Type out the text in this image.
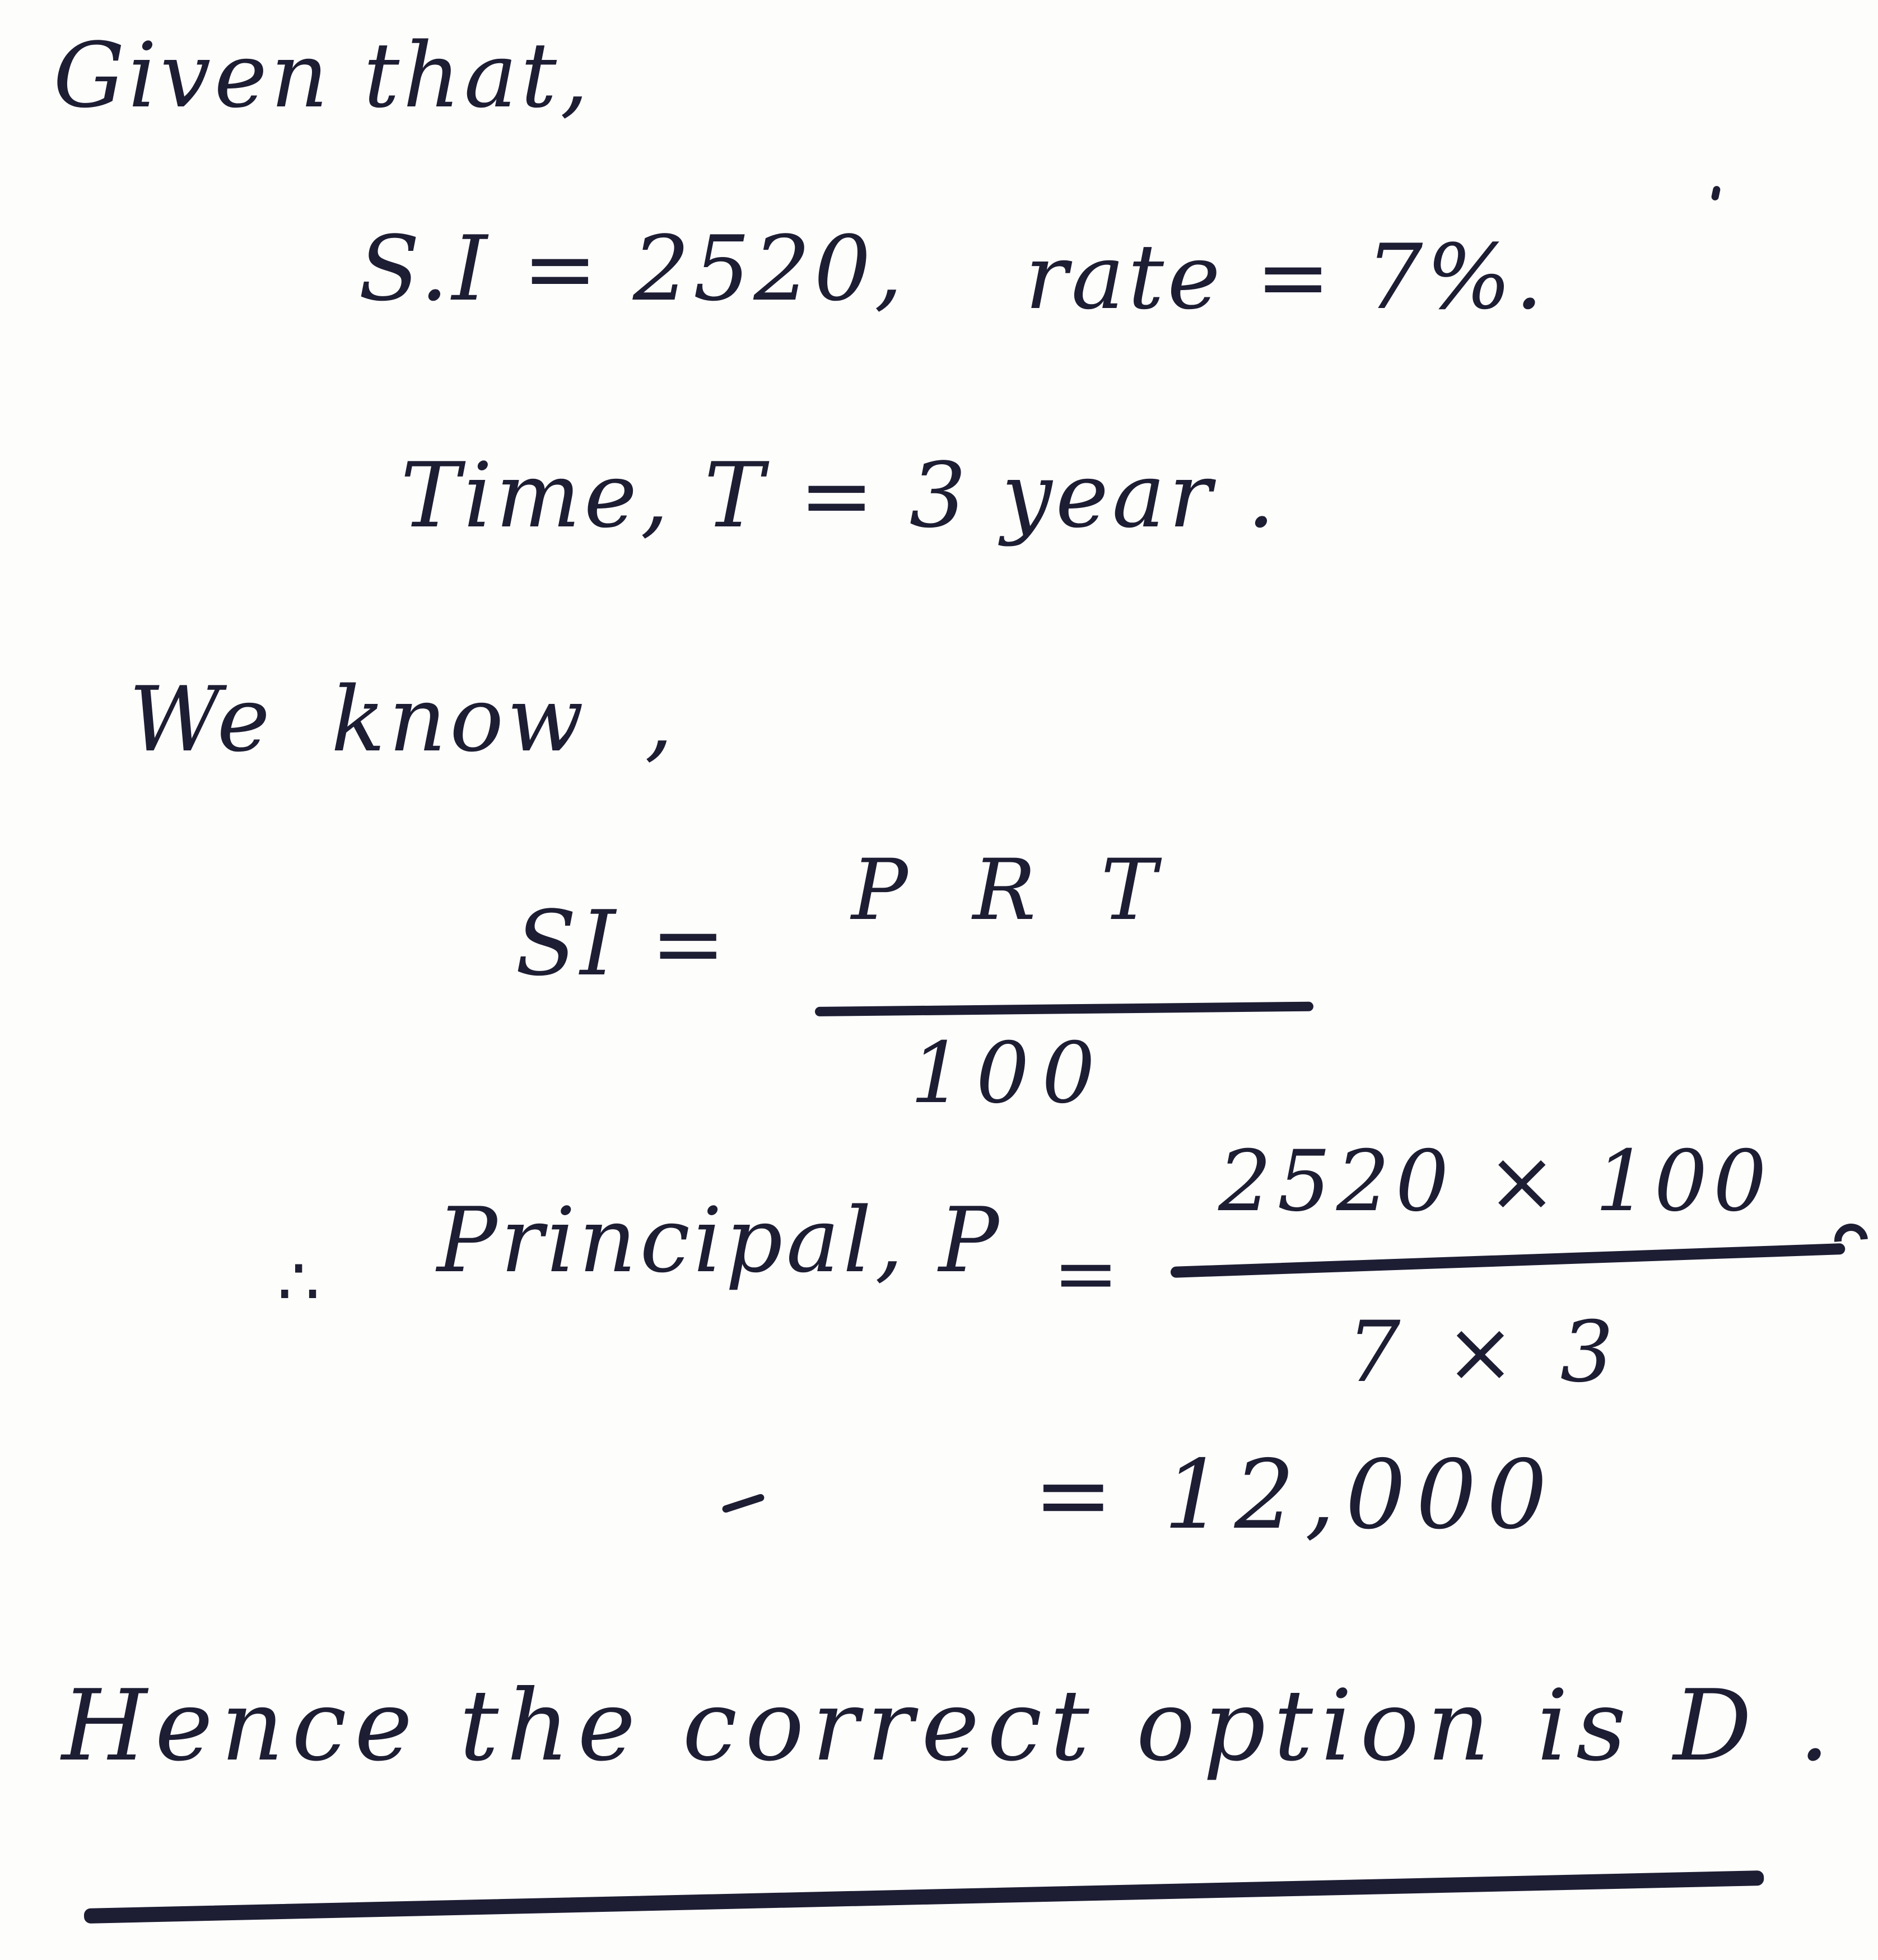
Given that,
S.I = 2520, rate = 7%.
Time, T = 3 year .
We know ,
SI =
P R T
100
∴ Principal, P =
2520 × 100
7 × 3
= 12,000
Hence the correct option is D .
